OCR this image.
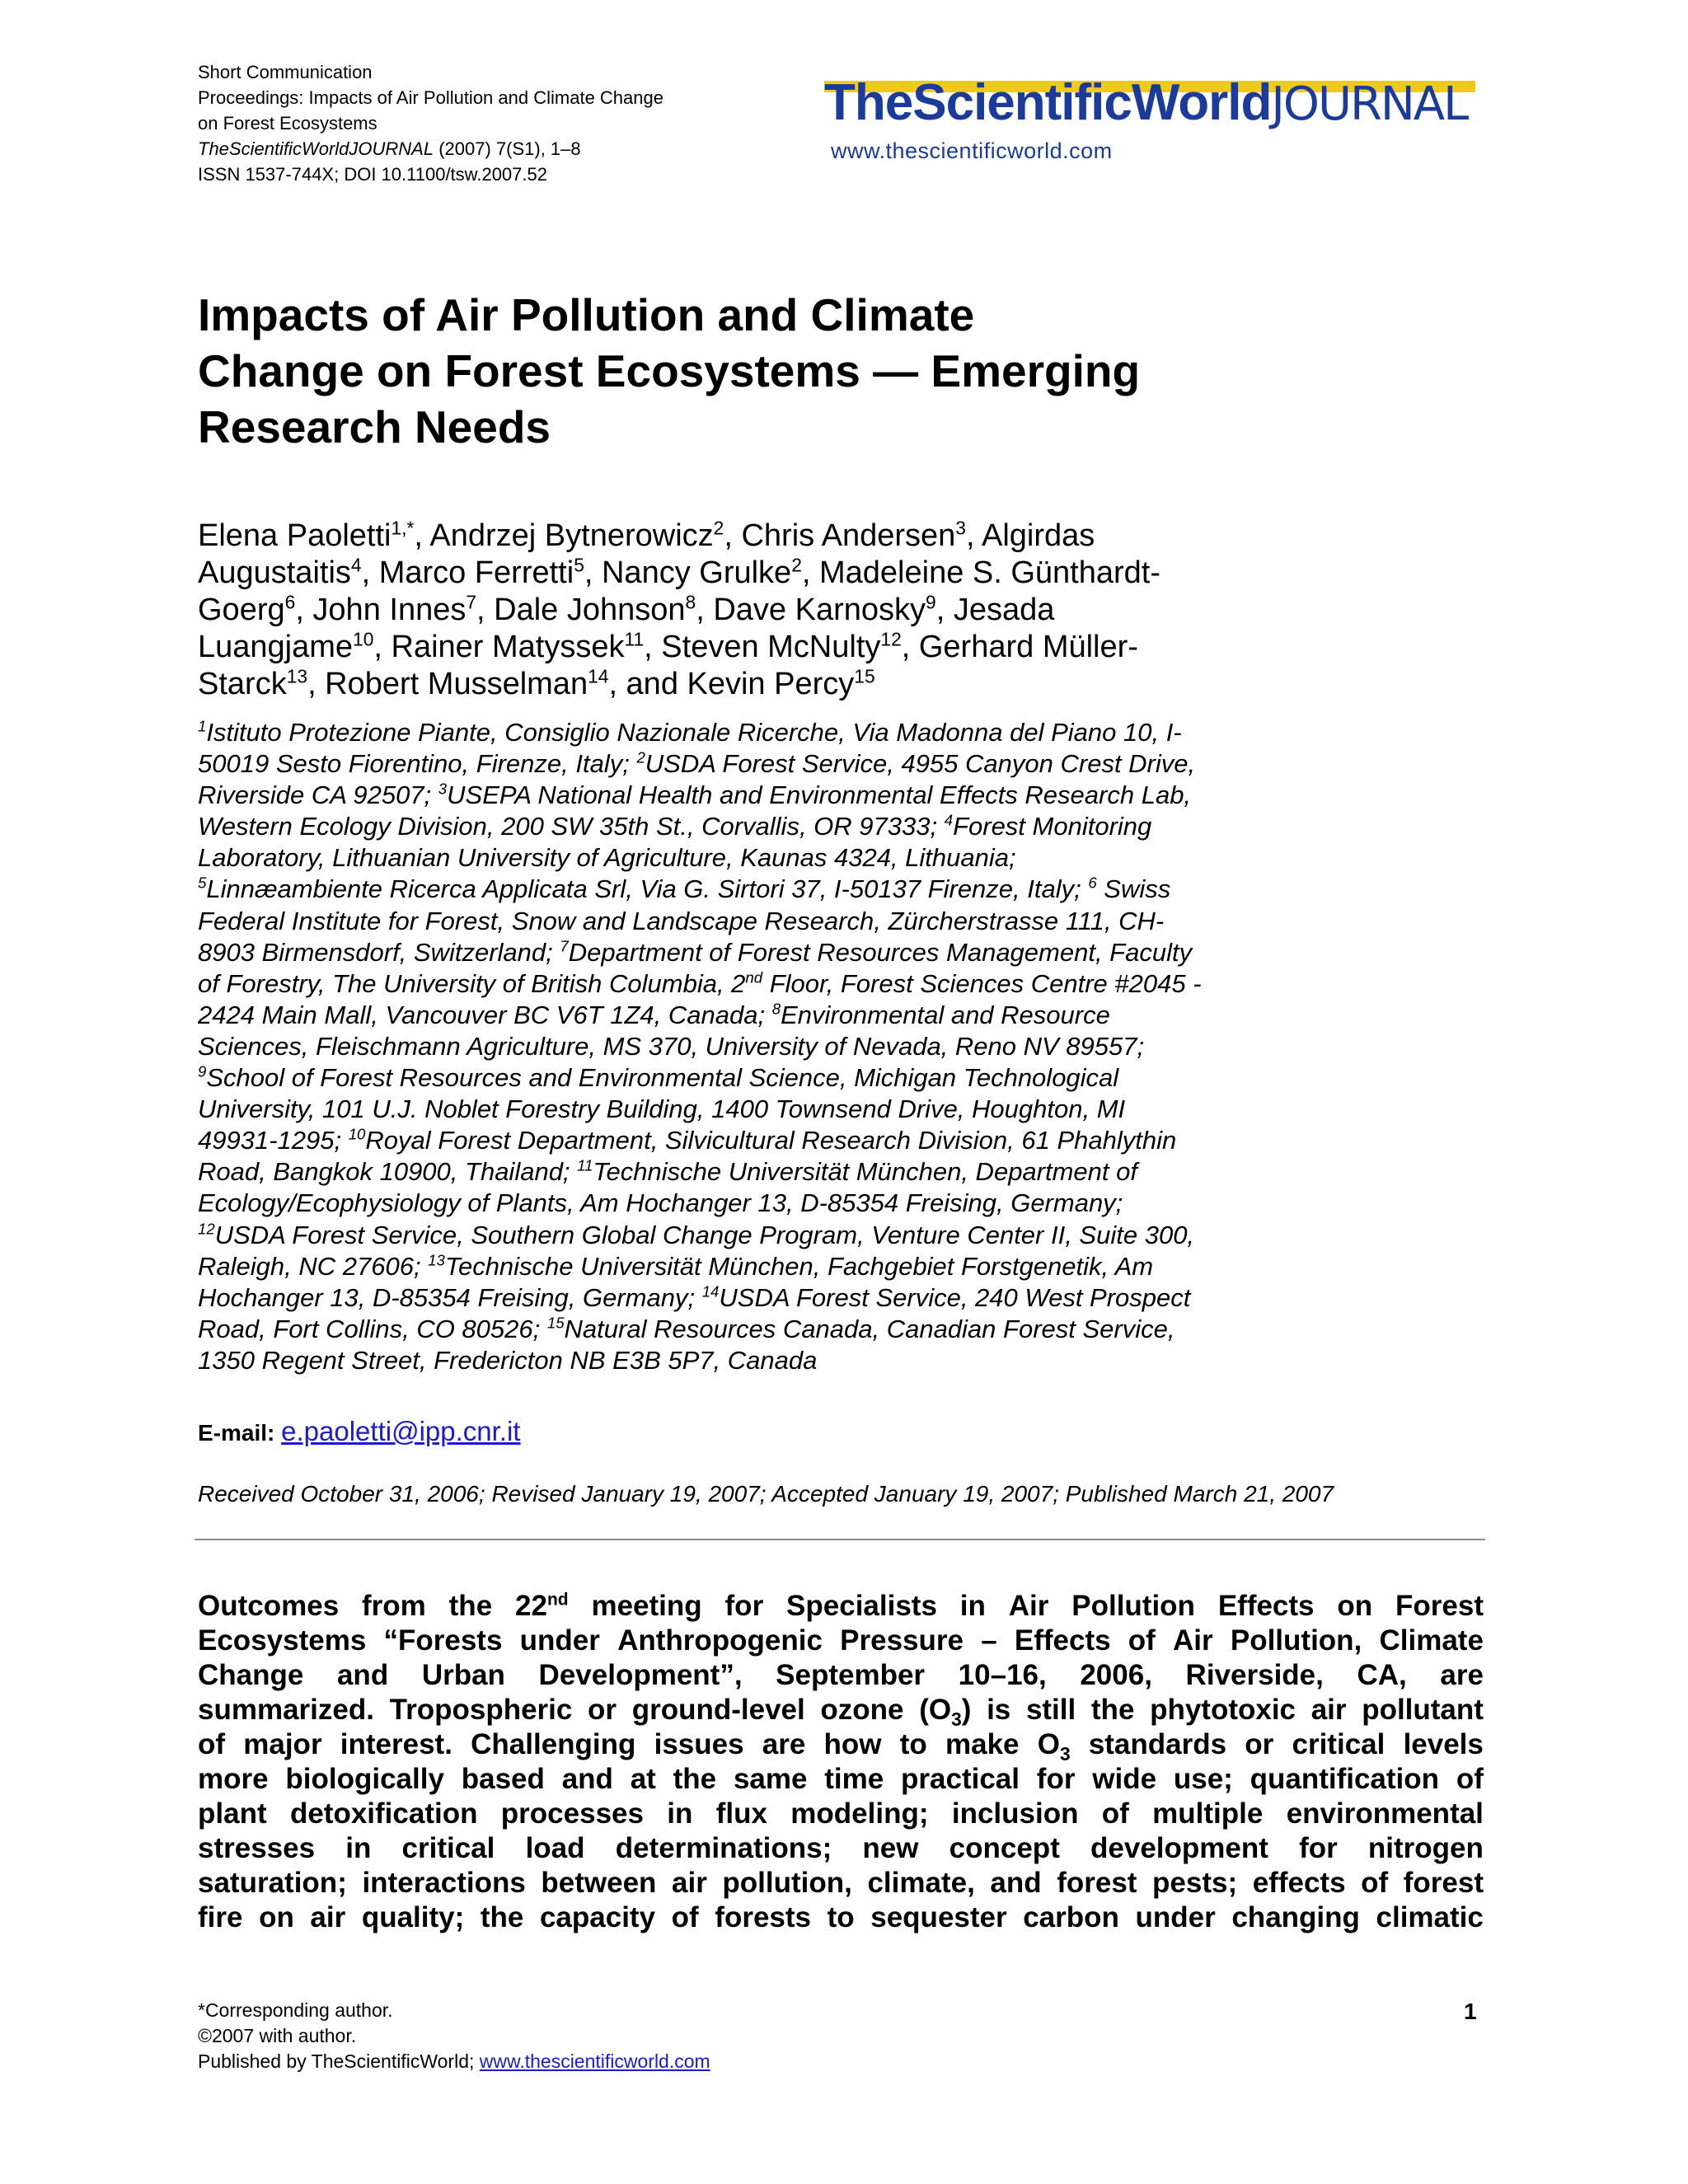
Short Communication
Proceedings: Impacts of Air Pollution and Climate Change
on Forest Ecosystems
TheScientificWorldJOURNAL (2007) 7(S1), 1–8
ISSN 1537-744X; DOI 10.1100/tsw.2007.52
TheScientificWorldJOURNAL
www.thescientificworld.com
Impacts of Air Pollution and Climate
Change on Forest Ecosystems — Emerging
Research Needs
Elena Paoletti$^{1,*}$, Andrzej Bytnerowicz$^2$, Chris Andersen$^3$, Algirdas
Augustaitis$^4$, Marco Ferretti$^5$, Nancy Grulke$^2$, Madeleine S. Günthardt-
Goerg$^6$, John Innes$^7$, Dale Johnson$^8$, Dave Karnosky$^9$, Jesada
Luangjame$^{10}$, Rainer Matyssek$^{11}$, Steven McNulty$^{12}$, Gerhard Müller-
Starck$^{13}$, Robert Musselman$^{14}$, and Kevin Percy$^{15}$
$^1$Istituto Protezione Piante, Consiglio Nazionale Ricerche, Via Madonna del Piano 10, I-
50019 Sesto Fiorentino, Firenze, Italy; $^2$USDA Forest Service, 4955 Canyon Crest Drive,
Riverside CA 92507; $^3$USEPA National Health and Environmental Effects Research Lab,
Western Ecology Division, 200 SW 35th St., Corvallis, OR 97333; $^4$Forest Monitoring
Laboratory, Lithuanian University of Agriculture, Kaunas 4324, Lithuania;
$^5$Linnæambiente Ricerca Applicata Srl, Via G. Sirtori 37, I-50137 Firenze, Italy; $^6$ Swiss
Federal Institute for Forest, Snow and Landscape Research, Zürcherstrasse 111, CH-
8903 Birmensdorf, Switzerland; $^7$Department of Forest Resources Management, Faculty
of Forestry, The University of British Columbia, 2nd Floor, Forest Sciences Centre #2045 -
2424 Main Mall, Vancouver BC V6T 1Z4, Canada; $^8$Environmental and Resource
Sciences, Fleischmann Agriculture, MS 370, University of Nevada, Reno NV 89557;
$^9$School of Forest Resources and Environmental Science, Michigan Technological
University, 101 U.J. Noblet Forestry Building, 1400 Townsend Drive, Houghton, MI
49931-1295; $^{10}$Royal Forest Department, Silvicultural Research Division, 61 Phahlythin
Road, Bangkok 10900, Thailand; $^{11}$Technische Universität München, Department of
Ecology/Ecophysiology of Plants, Am Hochanger 13, D-85354 Freising, Germany;
$^{12}$USDA Forest Service, Southern Global Change Program, Venture Center II, Suite 300,
Raleigh, NC 27606; $^{13}$Technische Universität München, Fachgebiet Forstgenetik, Am
Hochanger 13, D-85354 Freising, Germany; $^{14}$USDA Forest Service, 240 West Prospect
Road, Fort Collins, CO 80526; $^{15}$Natural Resources Canada, Canadian Forest Service,
1350 Regent Street, Fredericton NB E3B 5P7, Canada
E-mail: e.paoletti@ipp.cnr.it
Received October 31, 2006; Revised January 19, 2007; Accepted January 19, 2007; Published March 21, 2007
Outcomes from the 22nd meeting for Specialists in Air Pollution Effects on Forest
Ecosystems “Forests under Anthropogenic Pressure – Effects of Air Pollution, Climate
Change and Urban Development”, September 10–16, 2006, Riverside, CA, are
summarized. Tropospheric or ground-level ozone $(O_3)$ is still the phytotoxic air pollutant
of major interest. Challenging issues are how to make $O_3$ standards or critical levels
more biologically based and at the same time practical for wide use; quantification of
plant detoxification processes in flux modeling; inclusion of multiple environmental
stresses in critical load determinations; new concept development for nitrogen
saturation; interactions between air pollution, climate, and forest pests; effects of forest
fire on air quality; the capacity of forests to sequester carbon under changing climatic
*Corresponding author.
©2007 with author.
Published by TheScientificWorld; www.thescientificworld.com
1
